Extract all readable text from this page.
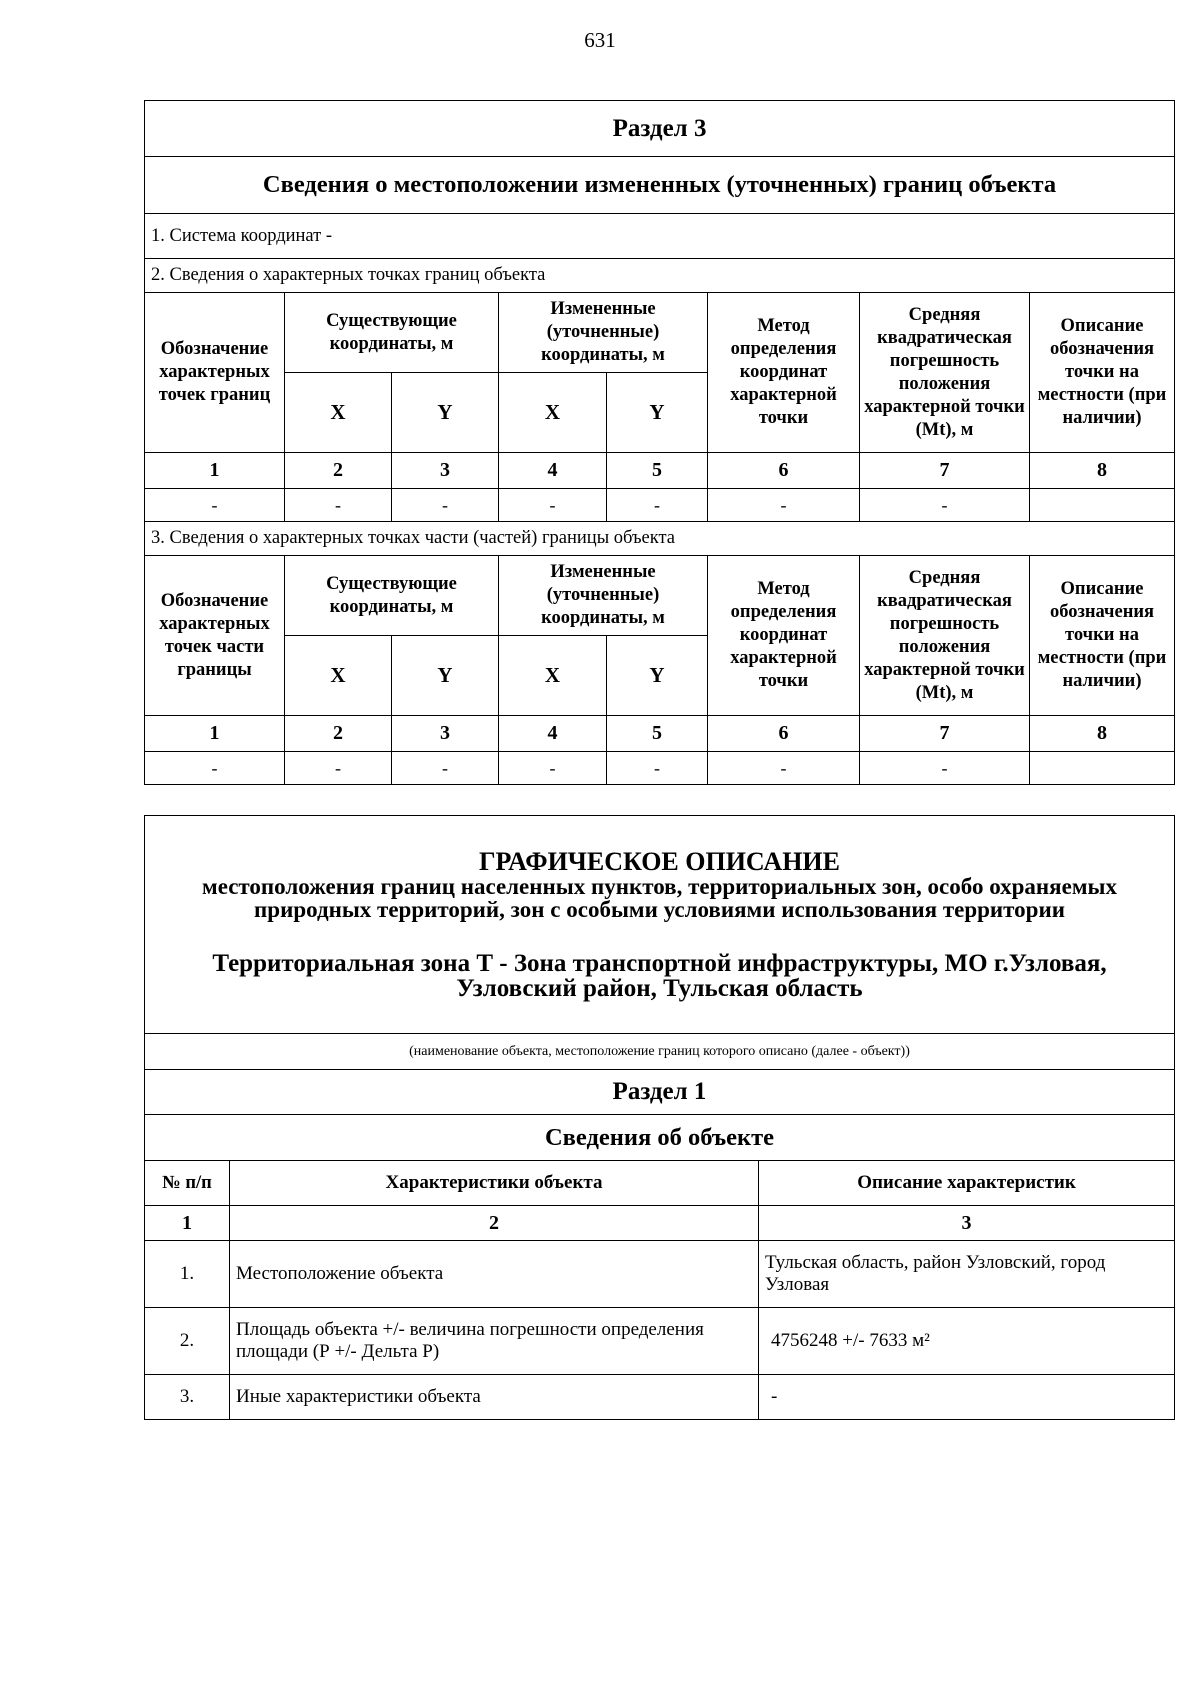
631
Раздел 3							
Сведения о местоположении измененных (уточненных) границ объекта							
1. Система координат -							
2. Сведения о характерных точках границ объекта							
Обозначение характерных точек границ	Существующие координаты, м		Измененные (уточненные) координаты, м		Метод определения координат характерной точки	Средняя квадратическая погрешность положения характерной точки (Mt), м	Описание обозначения точки на местности (при наличии)
	X	Y	X	Y			
1	2	3	4	5	6	7	8
-	-	-	-	-	-	-	
3. Сведения о характерных точках части (частей) границы объекта							
Обозначение характерных точек части границы	Существующие координаты, м		Измененные (уточненные) координаты, м		Метод определения координат характерной точки	Средняя квадратическая погрешность положения характерной точки (Mt), м	Описание обозначения точки на местности (при наличии)
	X	Y	X	Y			
1	2	3	4	5	6	7	8
-	-	-	-	-	-	-	
ГРАФИЧЕСКОЕ ОПИСАНИЕ
местоположения границ населенных пунктов, территориальных зон, особо охраняемых природных территорий, зон с особыми условиями использования территории
Территориальная зона Т - Зона транспортной инфраструктуры, МО г.Узловая, Узловский район, Тульская область		

(наименование объекта, местоположение границ которого описано (далее - объект))		
Раздел 1		
Сведения об объекте		
№ п/п	Характеристики объекта	Описание характеристик
1	2	3
1.	Местоположение объекта	Тульская область, район Узловский, город Узловая
2.	Площадь объекта +/- величина погрешности определения площади (Р +/- Дельта Р)	4756248 +/- 7633 м²
3.	Иные характеристики объекта	-
